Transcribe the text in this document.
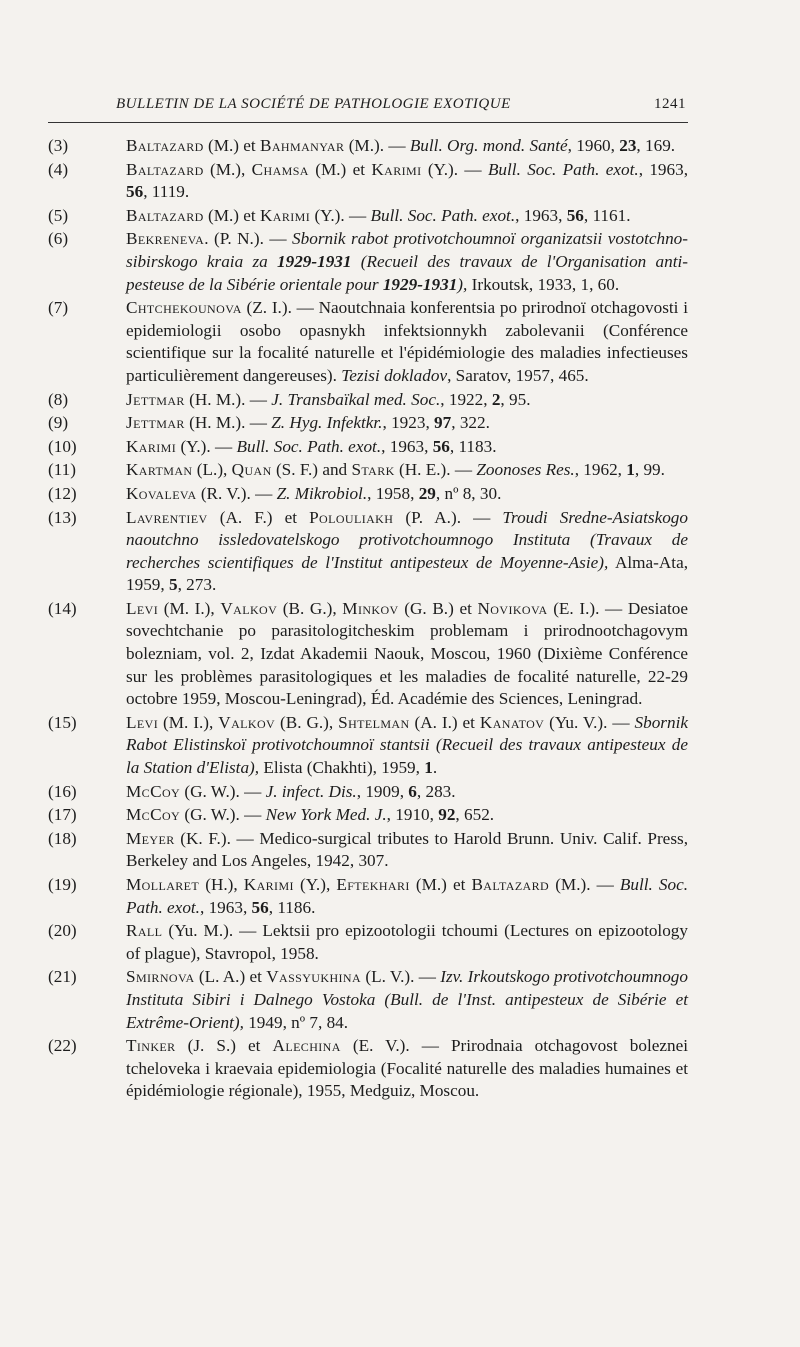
BULLETIN DE LA SOCIÉTÉ DE PATHOLOGIE EXOTIQUE	1241
(3)	Baltazard (M.) et Bahmanyar (M.). — Bull. Org. mond. Santé, 1960, 23, 169.
(4)	Baltazard (M.), Chamsa (M.) et Karimi (Y.). — Bull. Soc. Path. exot., 1963, 56, 1119.
(5)	Baltazard (M.) et Karimi (Y.). — Bull. Soc. Path. exot., 1963, 56, 1161.
(6)	Bekreneva. (P. N.). — Sbornik rabot protivotchoumnoï organizatsii vostotchno-sibirskogo kraia za 1929-1931 (Recueil des travaux de l'Organisation anti-pesteuse de la Sibérie orientale pour 1929-1931), Irkoutsk, 1933, 1, 60.
(7)	Chtchekounova (Z. I.). — Naoutchnaia konferentsia po prirodnoï otchagovosti i epidemiologii osobo opasnykh infektsionnykh zabolevanii (Conférence scientifique sur la focalité naturelle et l'épidémiologie des maladies infectieuses particulièrement dangereuses). Tezisi dokladov, Saratov, 1957, 465.
(8)	Jettmar (H. M.). — J. Transbaïkal med. Soc., 1922, 2, 95.
(9)	Jettmar (H. M.). — Z. Hyg. Infektkr., 1923, 97, 322.
(10)	Karimi (Y.). — Bull. Soc. Path. exot., 1963, 56, 1183.
(11)	Kartman (L.), Quan (S. F.) and Stark (H. E.). — Zoonoses Res., 1962, 1, 99.
(12)	Kovaleva (R. V.). — Z. Mikrobiol., 1958, 29, nº 8, 30.
(13)	Lavrentiev (A. F.) et Polouliakh (P. A.). — Troudi Sredne-Asiatskogo naoutchno issledovatelskogo protivotchoumnogo Instituta (Travaux de recherches scientifiques de l'Institut antipesteux de Moyenne-Asie), Alma-Ata, 1959, 5, 273.
(14)	Levi (M. I.), Valkov (B. G.), Minkov (G. B.) et Novikova (E. I.). — Desiatoe sovechtchanie po parasitologitcheskim problemam i prirodnootchagovym bolezniam, vol. 2, Izdat Akademii Naouk, Moscou, 1960 (Dixième Conférence sur les problèmes parasitologiques et les maladies de focalité naturelle, 22-29 octobre 1959, Moscou-Leningrad), Éd. Académie des Sciences, Leningrad.
(15)	Levi (M. I.), Valkov (B. G.), Shtelman (A. I.) et Kanatov (Yu. V.). — Sbornik Rabot Elistinskoï protivotchoumnoï stantsii (Recueil des travaux antipesteux de la Station d'Elista), Elista (Chakhti), 1959, 1.
(16)	McCoy (G. W.). — J. infect. Dis., 1909, 6, 283.
(17)	McCoy (G. W.). — New York Med. J., 1910, 92, 652.
(18)	Meyer (K. F.). — Medico-surgical tributes to Harold Brunn. Univ. Calif. Press, Berkeley and Los Angeles, 1942, 307.
(19)	Mollaret (H.), Karimi (Y.), Eftekhari (M.) et Baltazard (M.). — Bull. Soc. Path. exot., 1963, 56, 1186.
(20)	Rall (Yu. M.). — Lektsii pro epizootologii tchoumi (Lectures on epizootology of plague), Stavropol, 1958.
(21)	Smirnova (L. A.) et Vassyukhina (L. V.). — Izv. Irkoutskogo protivotchoumnogo Instituta Sibiri i Dalnego Vostoka (Bull. de l'Inst. antipesteux de Sibérie et Extrême-Orient), 1949, nº 7, 84.
(22)	Tinker (J. S.) et Alechina (E. V.). — Prirodnaia otchagovost boleznei tcheloveka i kraevaia epidemiologia (Focalité naturelle des maladies humaines et épidémiologie régionale), 1955, Medguiz, Moscou.
